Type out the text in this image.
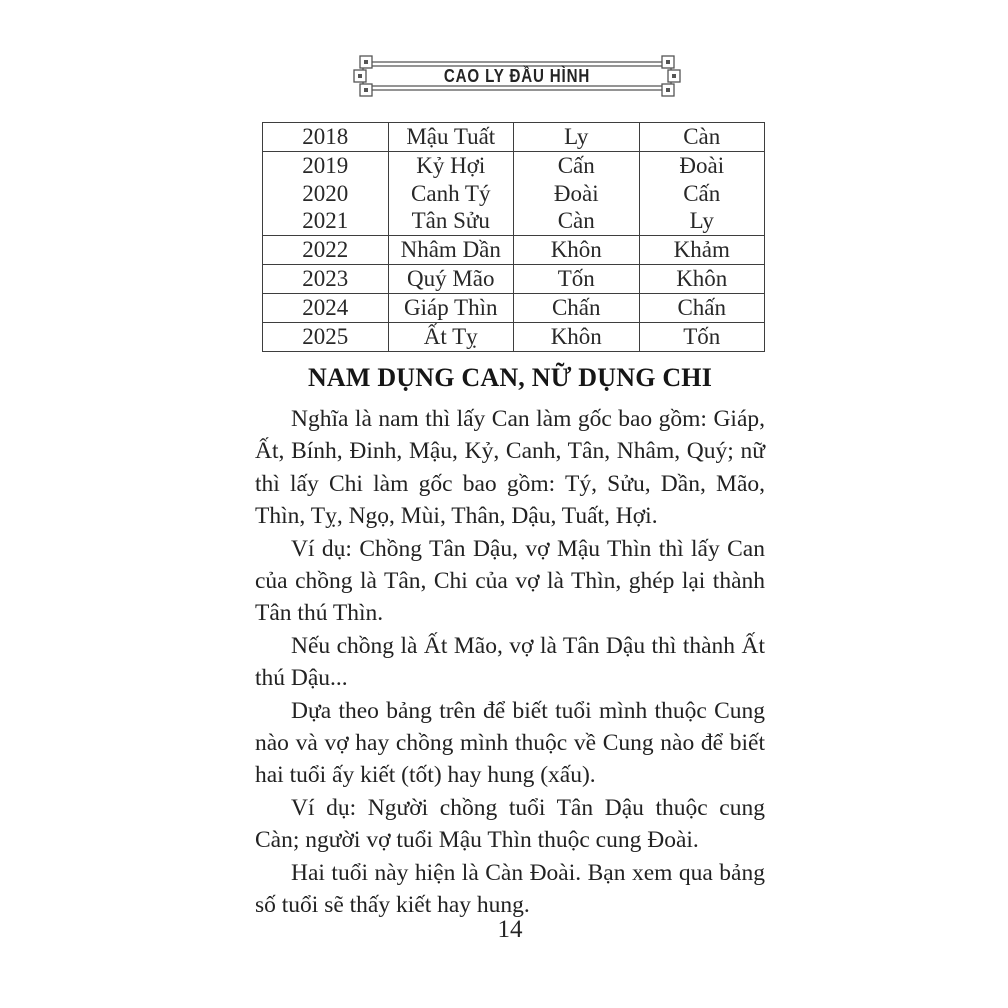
CAO LY ĐẦU HÌNH
2018	Mậu Tuất	Ly	Càn
2019	Kỷ Hợi	Cấn	Đoài
2020	Canh Tý	Đoài	Cấn
2021	Tân Sửu	Càn	Ly
2022	Nhâm Dần	Khôn	Khảm
2023	Quý Mão	Tốn	Khôn
2024	Giáp Thìn	Chấn	Chấn
2025	Ất Tỵ	Khôn	Tốn
NAM DỤNG CAN, NỮ DỤNG CHI

Nghĩa là nam thì lấy Can làm gốc bao gồm: Giáp, Ất, Bính, Đinh, Mậu, Kỷ, Canh, Tân, Nhâm, Quý; nữ thì lấy Chi làm gốc bao gồm: Tý, Sửu, Dần, Mão, Thìn, Tỵ, Ngọ, Mùi, Thân, Dậu, Tuất, Hợi.

Ví dụ: Chồng Tân Dậu, vợ Mậu Thìn thì lấy Can của chồng là Tân, Chi của vợ là Thìn, ghép lại thành Tân thú Thìn.

Nếu chồng là Ất Mão, vợ là Tân Dậu thì thành Ất thú Dậu...

Dựa theo bảng trên để biết tuổi mình thuộc Cung nào và vợ hay chồng mình thuộc về Cung nào để biết hai tuổi ấy kiết (tốt) hay hung (xấu).

Ví dụ: Người chồng tuổi Tân Dậu thuộc cung Càn; người vợ tuổi Mậu Thìn thuộc cung Đoài.

Hai tuổi này hiện là Càn Đoài. Bạn xem qua bảng số tuổi sẽ thấy kiết hay hung.

14
